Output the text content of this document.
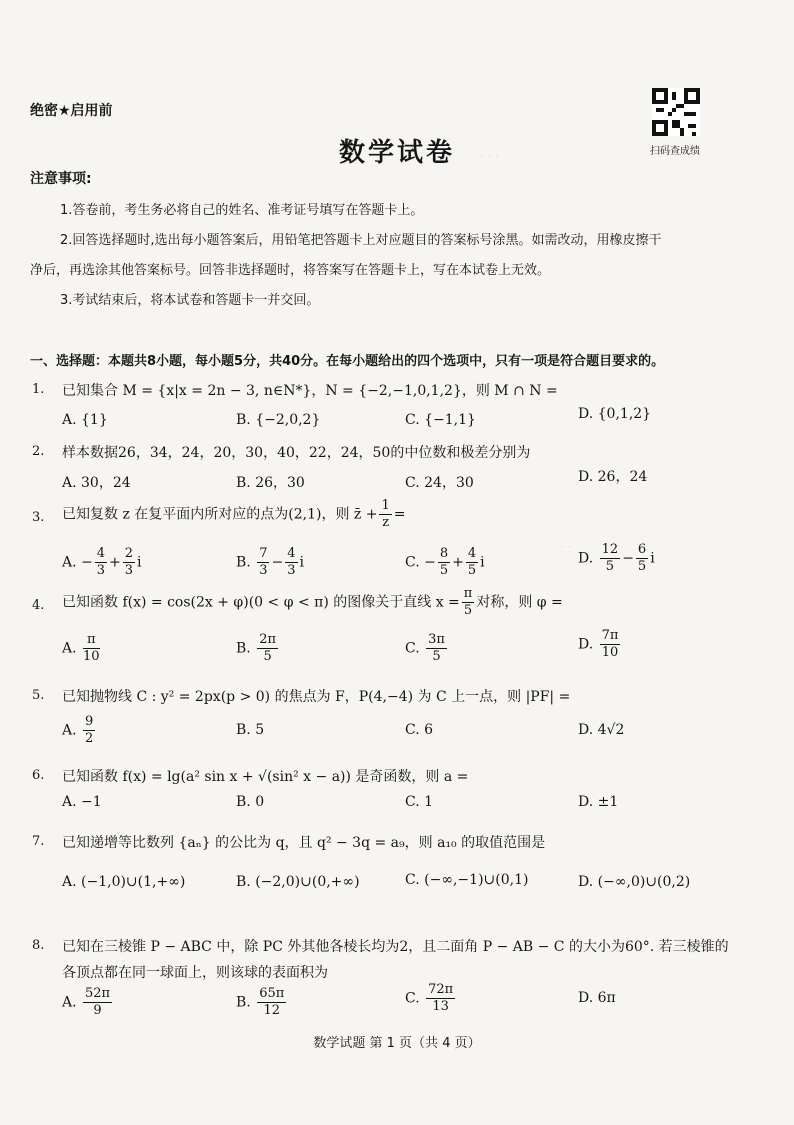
绝密★启用前
数学试卷	扫码查成绩
· · ·
· ·
注意事项:
1.答卷前，考生务必将自己的姓名、准考证号填写在答题卡上。
2.回答选择题时,选出每小题答案后，用铅笔把答题卡上对应题目的答案标号涂黑。如需改动，用橡皮擦干
净后，再选涂其他答案标号。回答非选择题时，将答案写在答题卡上，写在本试卷上无效。
3.考试结束后，将本试卷和答题卡一并交回。
一、选择题：本题共8小题，每小题5分，共40分。在每小题给出的四个选项中，只有一项是符合题目要求的。
1. 已知集合 M = {x|x = 2n − 3, n∈N*}，N = {−2,−1,0,1,2}，则 M ∩ N =
A. {1}	B. {−2,0,2}	C. {−1,1}	D. {0,1,2}
2. 样本数据26，34，24，20，30，40，22，24，50的中位数和极差分别为
A. 30，24	B. 26，30	C. 24，30	D. 26，24
3. 已知复数 z 在复平面内所对应的点为(2,1)，则 z̄ + $\frac{1}{z}$ =
A. − $\frac{4}{3} + \frac{2}{3}$ i	B. $\frac{7}{3} - \frac{4}{3}$ i	C. − $\frac{8}{5} + \frac{4}{5}$ i	D. $\frac{12}{5} - \frac{6}{5}$ i
4. 已知函数 f(x) = cos(2x + φ)(0 < φ < π) 的图像关于直线 $x = \frac{\pi}{5}$ 对称，则 φ =
A. $\frac{\pi}{10}$	B. $\frac{2\pi}{5}$	C. $\frac{3\pi}{5}$	D. $\frac{7\pi}{10}$
5. 已知抛物线 C : y² = 2px(p > 0) 的焦点为 F，P(4,−4) 为 C 上一点，则 |PF| =
A. $\frac{9}{2}$	B. 5	C. 6	D. 4√2
6. 已知函数 f(x) = lg(a² sin x + √(sin² x − a)) 是奇函数，则 a =
A. −1	B. 0	C. 1	D. ±1
7. 已知递增等比数列 {aₙ} 的公比为 q，且 q² − 3q = a₉，则 a₁₀ 的取值范围是
A. (−1,0)∪(1,+∞)	B. (−2,0)∪(0,+∞)	C. (−∞,−1)∪(0,1)	D. (−∞,0)∪(0,2)
8. 已知在三棱锥 P − ABC 中，除 PC 外其他各棱长均为2，且二面角 P − AB − C 的大小为60°. 若三棱锥的
各顶点都在同一球面上，则该球的表面积为
A. $\frac{52\pi}{9}$	B. $\frac{65\pi}{12}$	C. $\frac{72\pi}{13}$	D. 6π
数学试题 第 1 页（共 4 页）
